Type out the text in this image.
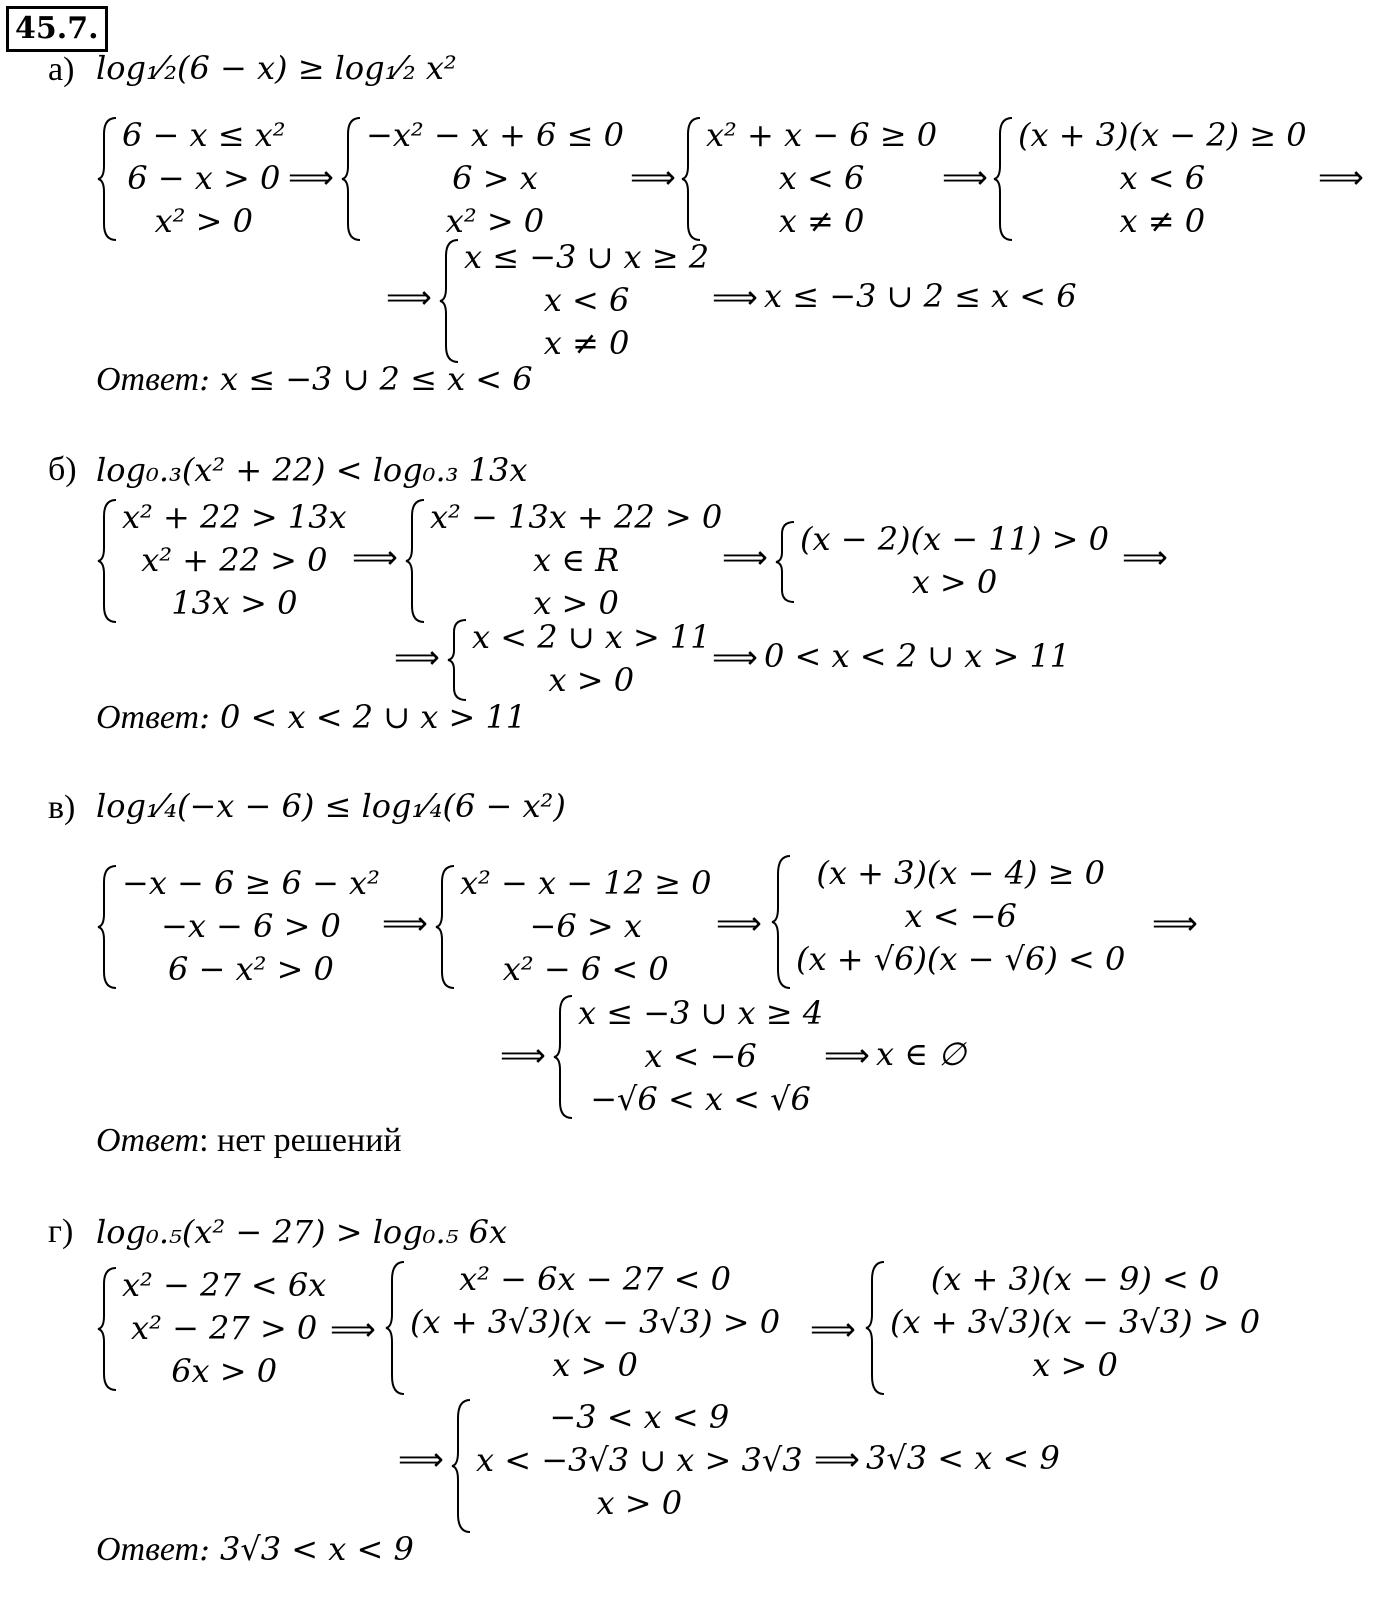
45.7.
а) log₁⁄₂(6 − x) ≥ log₁⁄₂ x²
6 − x ≤ x²
6 − x > 0
x² > 0
⟹
−x² − x + 6 ≤ 0
6 > x
x² > 0
⟹
x² + x − 6 ≥ 0
x < 6
x ≠ 0
⟹
(x + 3)(x − 2) ≥ 0
x < 6
x ≠ 0
⟹
⟹
x ≤ −3 ∪ x ≥ 2
x < 6
x ≠ 0
⟹ x ≤ −3 ∪ 2 ≤ x < 6
Ответ: x ≤ −3 ∪ 2 ≤ x < 6
б) log₀.₃(x² + 22) < log₀.₃ 13x
x² + 22 > 13x
x² + 22 > 0
13x > 0
⟹
x² − 13x + 22 > 0
x ∈ R
x > 0
⟹ (x − 2)(x − 11) > 0
x > 0
⟹
⟹
x < 2 ∪ x > 11
x > 0
⟹ 0 < x < 2 ∪ x > 11
Ответ: 0 < x < 2 ∪ x > 11
в) log₁⁄₄(−x − 6) ≤ log₁⁄₄(6 − x²)
−x − 6 ≥ 6 − x²
−x − 6 > 0
6 − x² > 0
⟹
x² − x − 12 ≥ 0
−6 > x
x² − 6 < 0
⟹
(x + 3)(x − 4) ≥ 0
x < −6
(x + √6)(x − √6) < 0
⟹
⟹
x ≤ −3 ∪ x ≥ 4
x < −6
−√6 < x < √6
⟹ x ∈ ∅
Ответ: нет решений
г) log₀.₅(x² − 27) > log₀.₅ 6x
x² − 27 < 6x
x² − 27 > 0
6x > 0
⟹
x² − 6x − 27 < 0
(x + 3√3)(x − 3√3) > 0
x > 0
⟹
(x + 3)(x − 9) < 0
(x + 3√3)(x − 3√3) > 0
x > 0
⟹
−3 < x < 9
x < −3√3 ∪ x > 3√3
x > 0
⟹ 3√3 < x < 9
Ответ: 3√3 < x < 9
